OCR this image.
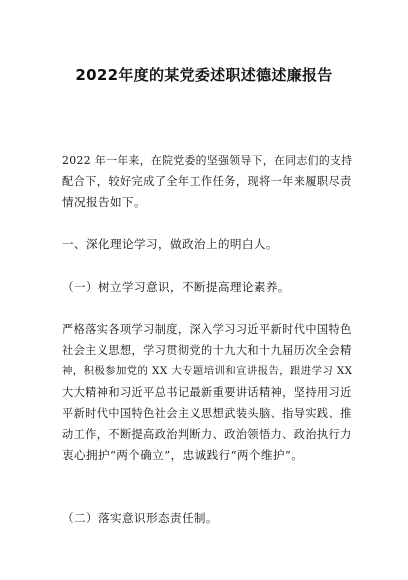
2022年度的某党委述职述德述廉报告
2022 年一年来，在院党委的坚强领导下，在同志们的支持
配合下，较好完成了全年工作任务，现将一年来履职尽责
情况报告如下。

一、深化理论学习，做政治上的明白人。

（一）树立学习意识，不断提高理论素养。

严格落实各项学习制度，深入学习习近平新时代中国特色
社会主义思想，学习贯彻党的十九大和十九届历次全会精
神，积极参加党的 XX 大专题培训和宣讲报告，跟进学习 XX
大大精神和习近平总书记最新重要讲话精神，坚持用习近
平新时代中国特色社会主义思想武装头脑、指导实践、推
动工作，不断提高政治判断力、政治领悟力、政治执行力
衷心拥护“两个确立”，忠诚践行“两个维护”。

（二）落实意识形态责任制。
